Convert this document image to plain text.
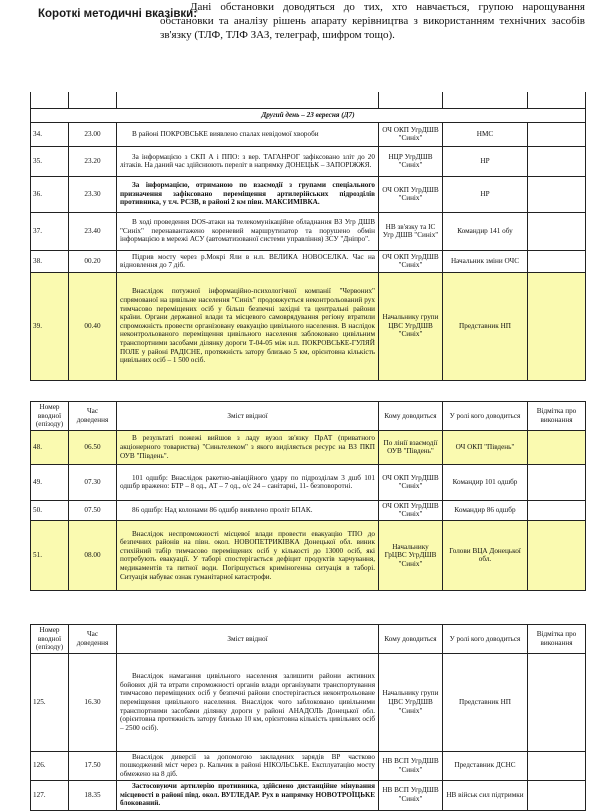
Короткі методичні вказівки:
Дані обстановки доводяться до тих, хто навчається, групою нарощування обстановки та аналізу рішень апарату керівництва з використанням технічних засобів зв'язку (ТЛФ, ТЛФ ЗАЗ, телеграф, шифром тощо).

Другий день – 23 вересня (Д7)					
34.	23.00	В районі ПОКРОВСЬКЕ виявлено спалах невідомої хвороби	ОЧ ОКП УгрДШВ "Синіх"	НМС	
35.	23.20	За інформацією з СКП А і ППО: з вер. ТАГАНРОГ зафіксовано зліт до 20 літаків. На даний час здійснюють переліт в напрямку ДОНЕЦЬК – ЗАПОРІЖЖЯ.	НЦР УгрДШВ "Синіх"	НР	
36.	23.30	За інформацією, отриманою по взаємодії з групами спеціального призначення зафіксовано переміщення артилерійських підрозділів противника, у т.ч. РСЗВ, в районі 2 км півн. МАКСИМІВКА.	ОЧ ОКП УгрДШВ "Синіх"	НР	
37.	23.40	В ході проведення DOS-атаки на телекомунікаційне обладнання ВЗ Угр ДШВ "Синіх" перенавантажено кореневий маршрутизатор та порушено обмін інформацією в мережі АСУ (автоматизованої системи управління) ЗСУ "Дніпро".	НВ зв'язку та ІС Угр ДШВ "Синіх"	Командир 141 обу	
38.	00.20	Підрив мосту через р.Мокрі Яли в н.п. ВЕЛИКА НОВОСЕЛКА. Час на відновлення до 7 діб.	ОЧ ОКП УгрДШВ "Синіх"	Начальник зміни ОЧС	
39.	00.40	Внаслідок потужної інформаційно-психологічної компанії "Червоних" спрямованої на цивільне населення "Синіх" продовжується неконтрольований рух тимчасово переміщених осіб у більш безпечні західні та центральні райони країни. Органи державної влади та місцевого самоврядування регіону втратили спроможність провести організовану евакуацію цивільного населення. В наслідок неконтрольованого переміщення цивільного населення заблоковано цивільним транспортними засобами ділянку дороги Т-04-05 між н.п. ПОКРОВСЬКЕ-ГУЛЯЙ ПОЛЕ у районі РАДІСНЕ, протяжність затору близько 5 км, орієнтовна кількість цивільних осіб – 1 500 осіб.	Начальнику групи ЦВС УгрДШВ "Синіх"	Представник НП	
Номер вводної (епізоду)	Час доведення	Зміст ввідної	Кому доводиться	У ролі кого доводиться	Відмітка про виконання
48.	06.50	В результаті пожежі вийшов з ладу вузол зв'язку ПрАТ (приватного акціонерного товариства) "Синьтелеком" з якого виділяється ресурс на ВЗ ПКП ОУВ "Південь".	По лінії взаємодії ОУВ "Південь"	ОЧ ОКП "Південь"	
49.	07.30	101 одшбр: Внаслідок ракетно-авіаційного удару по підрозділам 3 дшб 101 одшбр вражено: БТР – 8 од., АТ – 7 од., о/с 24 – санітарні, 11- безповоротні.	ОЧ ОКП УгрДШВ "Синіх"	Командир 101 одшбр	
50.	07.50	86 одшбр: Над колонами 86 одшбр виявлено проліт БПАК.	ОЧ ОКП УгрДШВ "Синіх"	Командир 86 одшбр	
51.	08.00	Внаслідок неспроможності місцевої влади провести евакуацію ТПО до безпечних районів на півн. окол. НОВОПЕТРИКІВКА Донецької обл. виник стихійний табір тимчасово переміщених осіб у кількості до 13000 осіб, які потребують евакуації. У таборі спостерігається дефіцит продуктів харчування, медикаментів та питної води. Погіршується криміногенна ситуація в таборі. Ситуація набуває ознак гуманітарної катастрофи.	Начальнику ГрЦВС УгрДШВ "Синіх"	Голови ВЦА Донецької обл.	
Номер вводної (епізоду)	Час доведення	Зміст ввідної	Кому доводиться	У ролі кого доводиться	Відмітка про виконання
125.	16.30	Внаслідок намагання цивільного населення залишити райони активних бойових дій та втрати спроможності органів влади організувати транспортування тимчасово переміщених осіб у безпечні райони спостерігається неконтрольоване переміщення цивільного населення. Внаслідок чого заблоковано цивільними транспортними засобами ділянку дороги у районі АНАДОЛЬ Донецької обл. (орієнтовна протяжність затору близько 10 км, орієнтовна кількість цивільних осіб – 2500 осіб).	Начальнику групи ЦВС УгрДШВ "Синіх"	Представник НП	
126.	17.50	Внаслідок диверсії за допомогою закладених зарядів ВР частково пошкоджений міст через р. Кальчик в районі НІКОЛЬСЬКЕ. Експлуатацію мосту обмежено на 8 діб.	НВ ВСП УгрДШВ "Синіх"	Представник ДСНС	
127.	18.35	Застосовуючи артилерію противника, здійснено дистанційне мінування місцевості в районі півд. окол. ВУГЛЕДАР. Рух в напрямку НОВОТРОЇЦЬКЕ блокований.	НВ ВСП УгрДШВ "Синіх"	НВ військ сил підтримки	
